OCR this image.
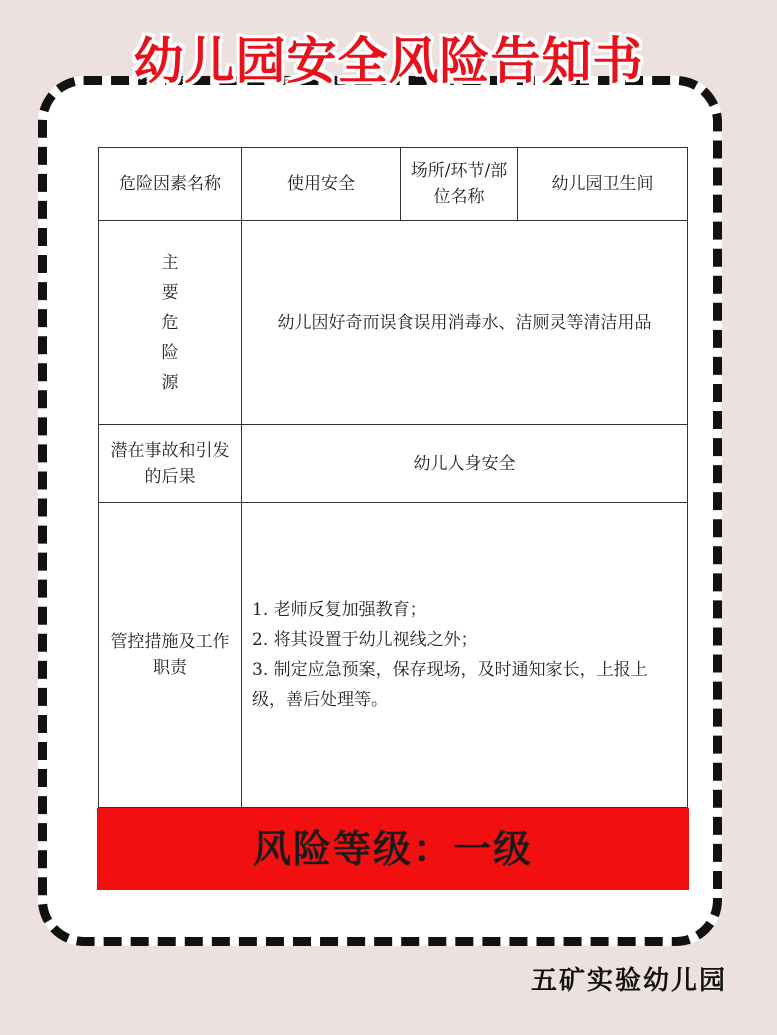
幼儿园安全风险告知书
危险因素名称	使用安全	场所/环节/部位名称	幼儿园卫生间

主
要
危
险
源	幼儿因好奇而误食误用消毒水、洁厕灵等清洁用品		
潜在事故和引发的后果	幼儿人身安全		
管控措施及工作职责	1. 老师反复加强教育；
2. 将其设置于幼儿视线之外；
3. 制定应急预案，保存现场，及时通知家长，上报上级，善后处理等。		
风险等级：一级
五矿实验幼儿园
